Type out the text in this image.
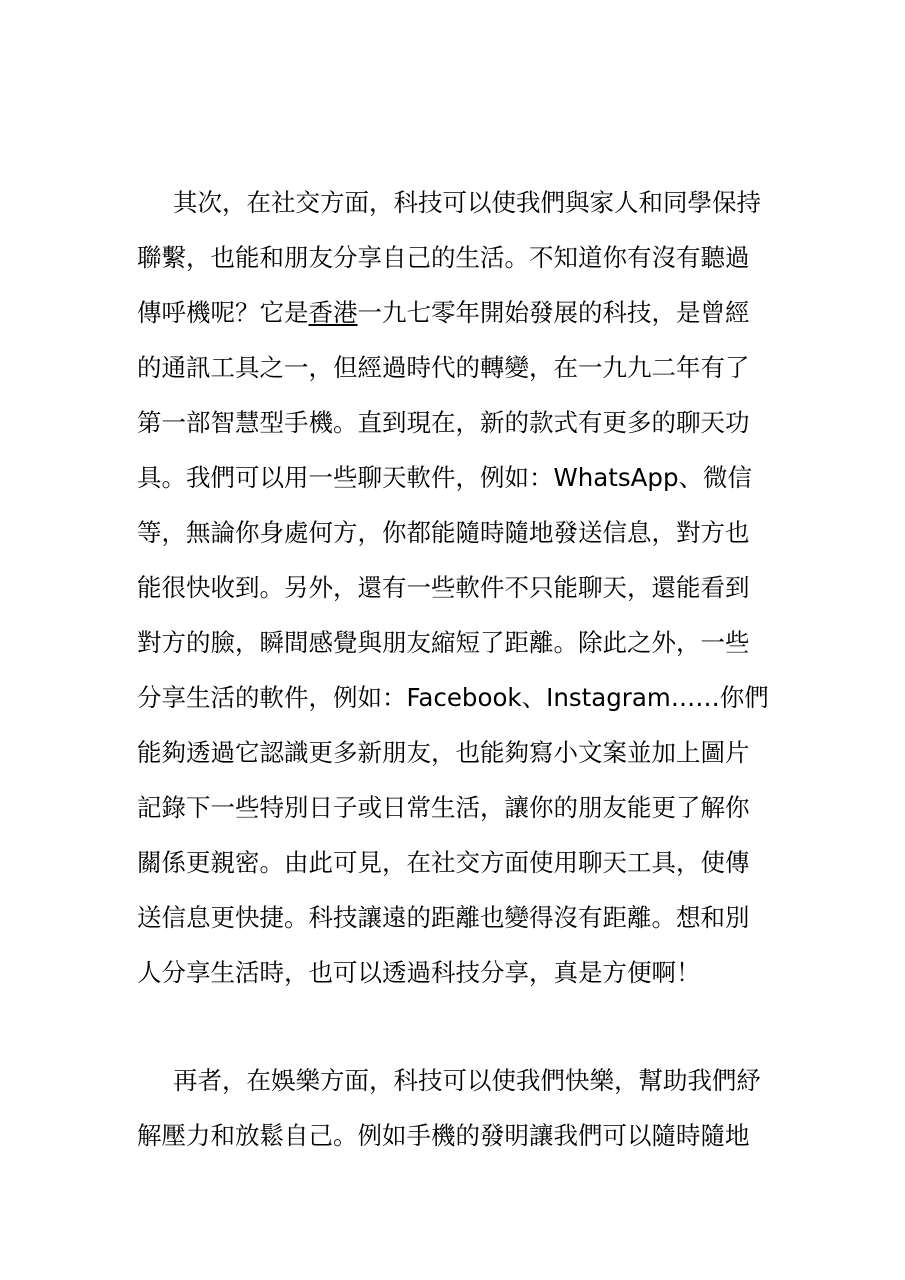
其次，在社交方面，科技可以使我們與家人和同學保持
聯繫，也能和朋友分享自己的生活。不知道你有沒有聽過
傳呼機呢？它是香港一九七零年開始發展的科技，是曾經
的通訊工具之一，但經過時代的轉變，在一九九二年有了
第一部智慧型手機。直到現在，新的款式有更多的聊天功
具。我們可以用一些聊天軟件，例如：WhatsApp、微信
等，無論你身處何方，你都能隨時隨地發送信息，對方也
能很快收到。另外，還有一些軟件不只能聊天，還能看到
對方的臉，瞬間感覺與朋友縮短了距離。除此之外，一些
分享生活的軟件，例如：Facebook、Instagram……你們
能夠透過它認識更多新朋友，也能夠寫小文案並加上圖片
記錄下一些特別日子或日常生活，讓你的朋友能更了解你
關係更親密。由此可見，在社交方面使用聊天工具，使傳
送信息更快捷。科技讓遠的距離也變得沒有距離。想和別
人分享生活時，也可以透過科技分享，真是方便啊！
再者，在娛樂方面，科技可以使我們快樂，幫助我們紓
解壓力和放鬆自己。例如手機的發明讓我們可以隨時隨地
